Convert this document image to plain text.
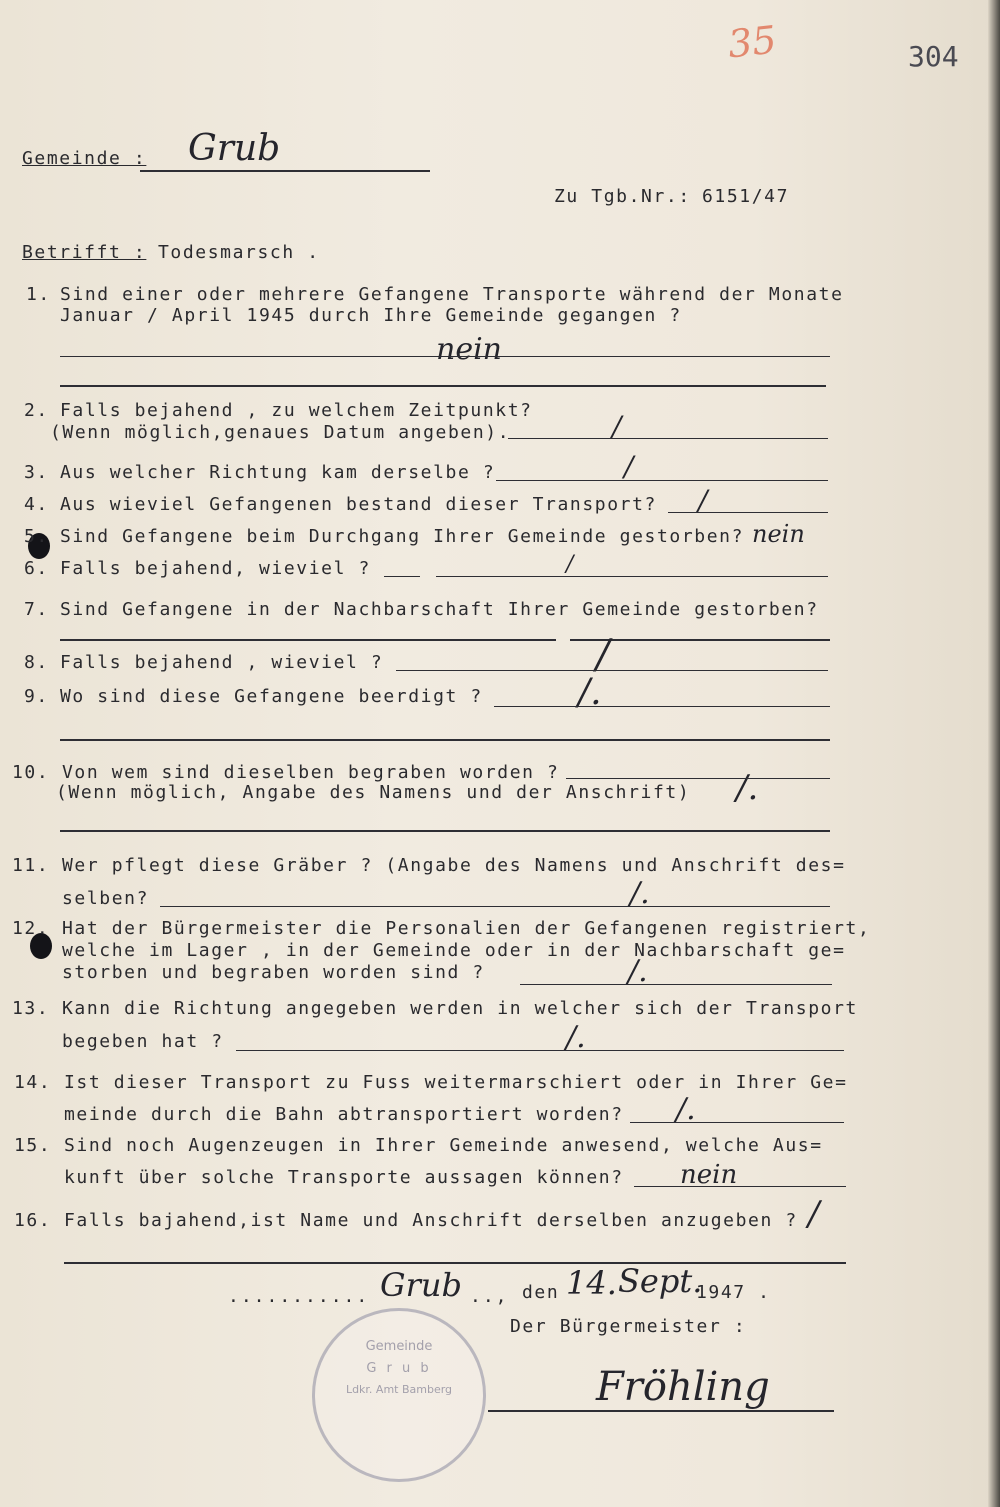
35	304
Gemeinde : Grub
Zu Tgb.Nr.: 6151/47
Betrifft : Todesmarsch .
1. Sind einer oder mehrere Gefangene Transporte während der Monate
Januar / April 1945 durch Ihre Gemeinde gegangen ?
nein
2. Falls bejahend , zu welchem Zeitpunkt?
(Wenn möglich,genaues Datum angeben).	/
3. Aus welcher Richtung kam derselbe ?	/
4. Aus wieviel Gefangenen bestand dieser Transport? /
5. Sind Gefangene beim Durchgang Ihrer Gemeinde gestorben? nein
6. Falls bejahend, wieviel ?	/
7. Sind Gefangene in der Nachbarschaft Ihrer Gemeinde gestorben?
8. Falls bejahend , wieviel ?	/
9. Wo sind diese Gefangene beerdigt ?	/.
10. Von wem sind dieselben begraben worden ?
(Wenn möglich, Angabe des Namens und der Anschrift) /.
11. Wer pflegt diese Gräber ? (Angabe des Namens und Anschrift des=
selben?	/.
12. Hat der Bürgermeister die Personalien der Gefangenen registriert,
welche im Lager , in der Gemeinde oder in der Nachbarschaft ge=
storben und begraben worden sind ?	/.
13. Kann die Richtung angegeben werden in welcher sich der Transport
begeben hat ?	/.
14. Ist dieser Transport zu Fuss weitermarschiert oder in Ihrer Ge=
meinde durch die Bahn abtransportiert worden? /.
15. Sind noch Augenzeugen in Ihrer Gemeinde anwesend, welche Aus=
kunft über solche Transporte aussagen können? nein
16. Falls bajahend,ist Name und Anschrift derselben anzugeben ? /
........... Grub .., den 14. Sept.
1947 .
Der Bürgermeister :
Gemeinde
G r u b
Ldkr. Amt Bamberg	Fröhling
